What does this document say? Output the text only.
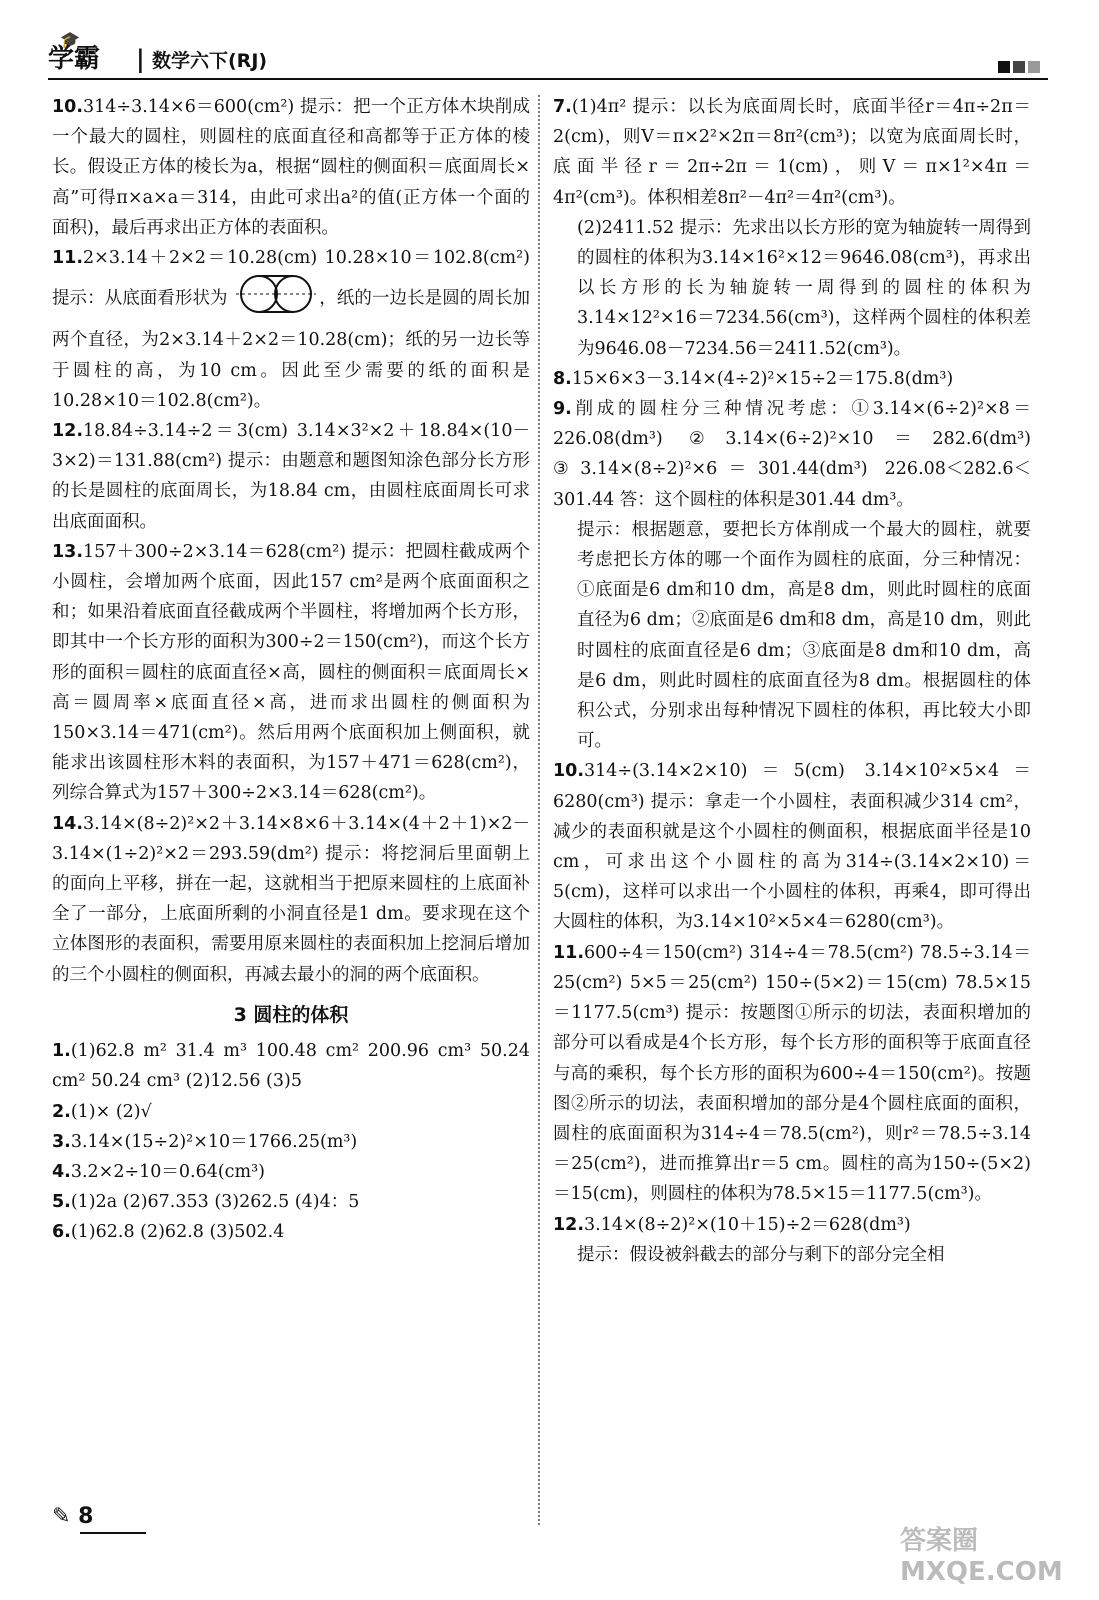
🎓
学霸 | 数学六下(RJ)

10.314÷3.14×6＝600(cm²) 提示：把一个正方体木块削成一个最大的圆柱，则圆柱的底面直径和高都等于正方体的棱长。假设正方体的棱长为a，根据“圆柱的侧面积＝底面周长×高”可得π×a×a＝314，由此可求出a²的值(正方体一个面的面积)，最后再求出正方体的表面积。

11.2×3.14＋2×2＝10.28(cm) 10.28×10＝102.8(cm²) 提示：从底面看形状为	，纸的一边长是圆的周长加两个直径，为2×3.14＋2×2＝10.28(cm)；纸的另一边长等于圆柱的高，为10 cm。因此至少需要的纸的面积是10.28×10＝102.8(cm²)。

12.18.84÷3.14÷2＝3(cm) 3.14×3²×2＋18.84×(10－3×2)＝131.88(cm²) 提示：由题意和题图知涂色部分长方形的长是圆柱的底面周长，为18.84 cm，由圆柱底面周长可求出底面面积。

13.157＋300÷2×3.14＝628(cm²) 提示：把圆柱截成两个小圆柱，会增加两个底面，因此157 cm²是两个底面面积之和；如果沿着底面直径截成两个半圆柱，将增加两个长方形，即其中一个长方形的面积为300÷2＝150(cm²)，而这个长方形的面积＝圆柱的底面直径×高，圆柱的侧面积＝底面周长×高＝圆周率×底面直径×高，进而求出圆柱的侧面积为150×3.14＝471(cm²)。然后用两个底面积加上侧面积，就能求出该圆柱形木料的表面积，为157＋471＝628(cm²)，列综合算式为157＋300÷2×3.14＝628(cm²)。

14.3.14×(8÷2)²×2＋3.14×8×6＋3.14×(4＋2＋1)×2－3.14×(1÷2)²×2＝293.59(dm²) 提示：将挖洞后里面朝上的面向上平移，拼在一起，这就相当于把原来圆柱的上底面补全了一部分，上底面所剩的小洞直径是1 dm。要求现在这个立体图形的表面积，需要用原来圆柱的表面积加上挖洞后增加的三个小圆柱的侧面积，再减去最小的洞的两个底面积。

3 圆柱的体积

1.(1)62.8 m² 31.4 m³ 100.48 cm² 200.96 cm³ 50.24 cm² 50.24 cm³ (2)12.56 (3)5

2.(1)× (2)√

3.3.14×(15÷2)²×10＝1766.25(m³)

4.3.2×2÷10＝0.64(cm³)

5.(1)2a (2)67.353 (3)262.5 (4)4：5

6.(1)62.8 (2)62.8 (3)502.4

7.(1)4π² 提示：以长为底面周长时，底面半径r＝4π÷2π＝2(cm)，则V＝π×2²×2π＝8π²(cm³)；以宽为底面周长时，底面半径r＝2π÷2π＝1(cm)，则V＝π×1²×4π＝4π²(cm³)。体积相差8π²－4π²＝4π²(cm³)。

(2)2411.52 提示：先求出以长方形的宽为轴旋转一周得到的圆柱的体积为3.14×16²×12＝9646.08(cm³)，再求出以长方形的长为轴旋转一周得到的圆柱的体积为3.14×12²×16＝7234.56(cm³)，这样两个圆柱的体积差为9646.08－7234.56＝2411.52(cm³)。

8.15×6×3－3.14×(4÷2)²×15÷2＝175.8(dm³)

9.削成的圆柱分三种情况考虑：①3.14×(6÷2)²×8＝226.08(dm³) ②3.14×(6÷2)²×10＝282.6(dm³) ③3.14×(8÷2)²×6＝301.44(dm³) 226.08＜282.6＜301.44 答：这个圆柱的体积是301.44 dm³。

提示：根据题意，要把长方体削成一个最大的圆柱，就要考虑把长方体的哪一个面作为圆柱的底面，分三种情况：①底面是6 dm和10 dm，高是8 dm，则此时圆柱的底面直径为6 dm；②底面是6 dm和8 dm，高是10 dm，则此时圆柱的底面直径是6 dm；③底面是8 dm和10 dm，高是6 dm，则此时圆柱的底面直径为8 dm。根据圆柱的体积公式，分别求出每种情况下圆柱的体积，再比较大小即可。

10.314÷(3.14×2×10)＝5(cm) 3.14×10²×5×4＝6280(cm³) 提示：拿走一个小圆柱，表面积减少314 cm²，减少的表面积就是这个小圆柱的侧面积，根据底面半径是10 cm，可求出这个小圆柱的高为314÷(3.14×2×10)＝5(cm)，这样可以求出一个小圆柱的体积，再乘4，即可得出大圆柱的体积，为3.14×10²×5×4＝6280(cm³)。

11.600÷4＝150(cm²) 314÷4＝78.5(cm²) 78.5÷3.14＝25(cm²) 5×5＝25(cm²) 150÷(5×2)＝15(cm) 78.5×15＝1177.5(cm³) 提示：按题图①所示的切法，表面积增加的部分可以看成是4个长方形，每个长方形的面积等于底面直径与高的乘积，每个长方形的面积为600÷4＝150(cm²)。按题图②所示的切法，表面积增加的部分是4个圆柱底面的面积，圆柱的底面面积为314÷4＝78.5(cm²)，则r²＝78.5÷3.14＝25(cm²)，进而推算出r＝5 cm。圆柱的高为150÷(5×2)＝15(cm)，则圆柱的体积为78.5×15＝1177.5(cm³)。

12.3.14×(8÷2)²×(10＋15)÷2＝628(dm³)

提示：假设被斜截去的部分与剩下的部分完全相

✎ 8
答案圈 MXQE.COM
